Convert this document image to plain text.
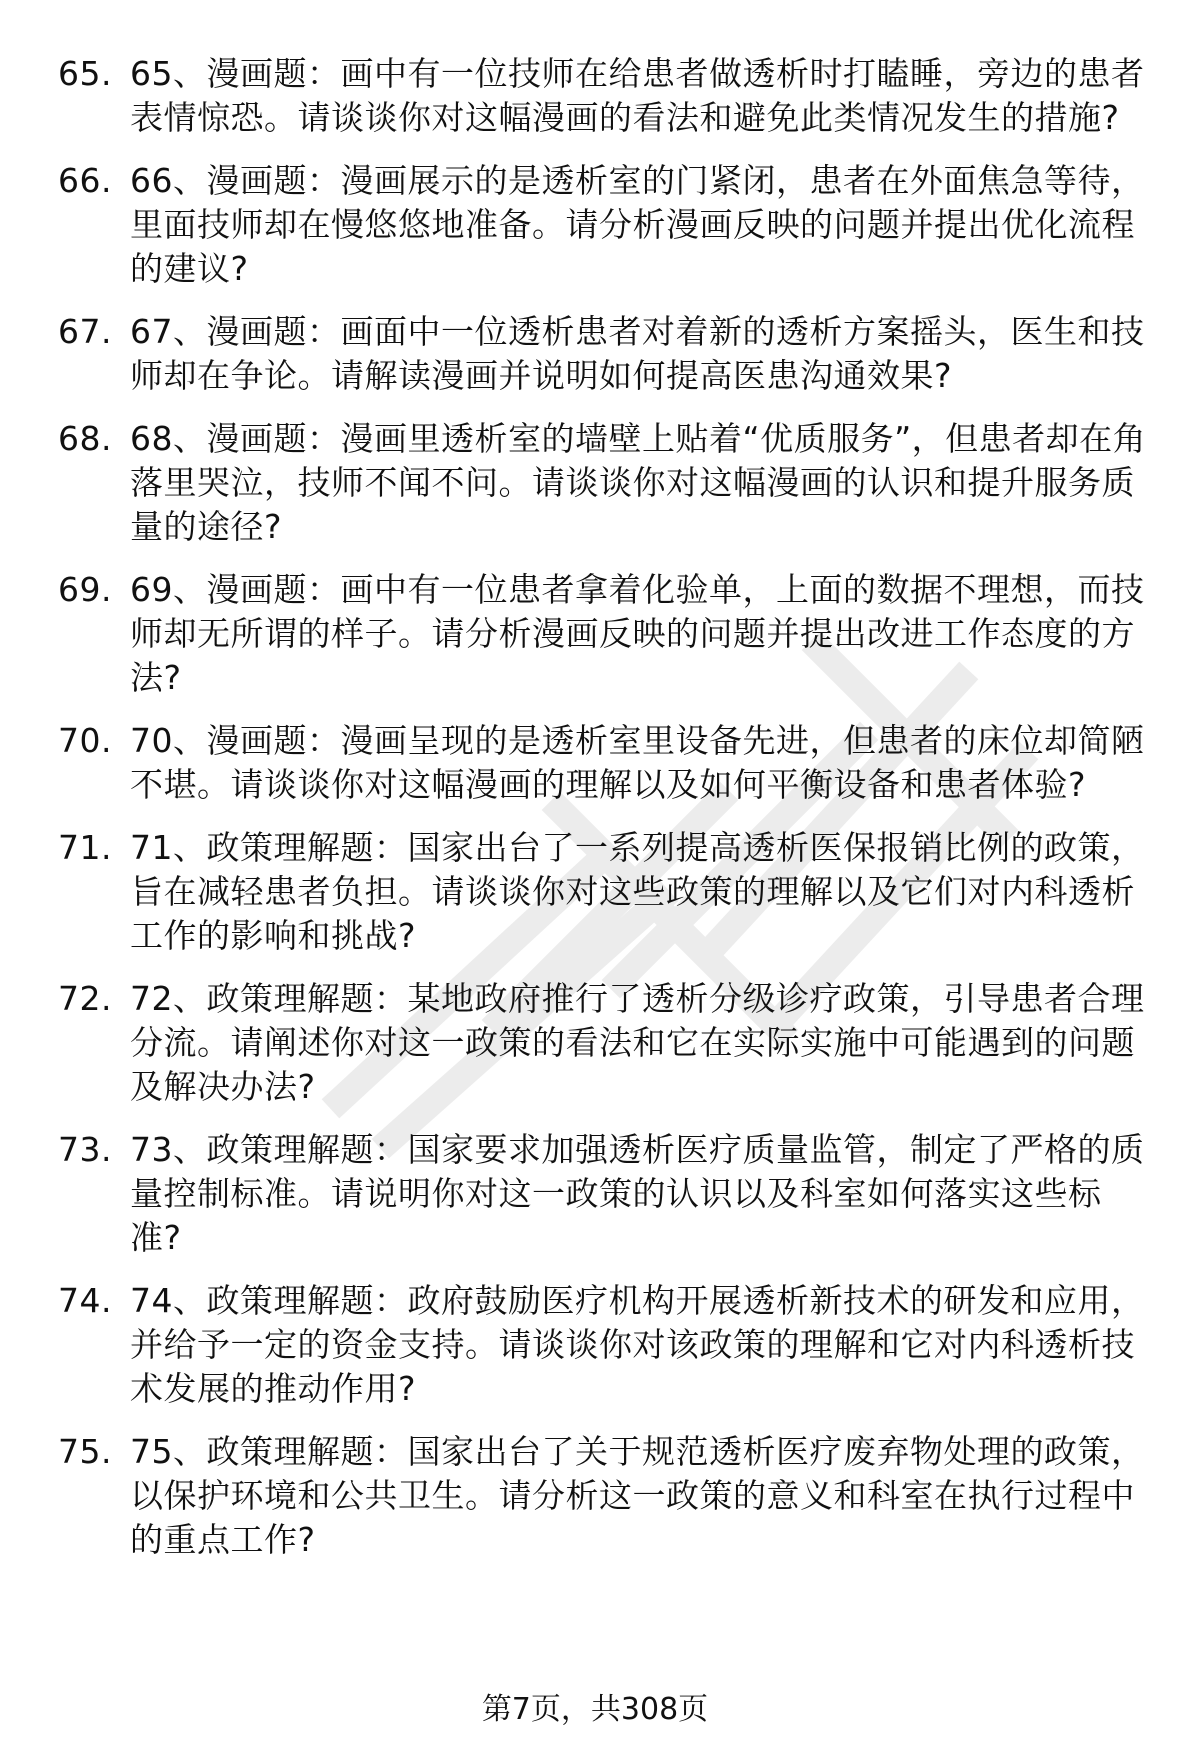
65. 65、漫画题：画中有一位技师在给患者做透析时打瞌睡，旁边的患者表情惊恐。请谈谈你对这幅漫画的看法和避免此类情况发生的措施?
66. 66、漫画题：漫画展示的是透析室的门紧闭，患者在外面焦急等待，里面技师却在慢悠悠地准备。请分析漫画反映的问题并提出优化流程的建议?
67. 67、漫画题：画面中一位透析患者对着新的透析方案摇头，医生和技师却在争论。请解读漫画并说明如何提高医患沟通效果?
68. 68、漫画题：漫画里透析室的墙壁上贴着“优质服务”，但患者却在角落里哭泣，技师不闻不问。请谈谈你对这幅漫画的认识和提升服务质量的途径?
69. 69、漫画题：画中有一位患者拿着化验单，上面的数据不理想，而技师却无所谓的样子。请分析漫画反映的问题并提出改进工作态度的方法?
70. 70、漫画题：漫画呈现的是透析室里设备先进，但患者的床位却简陋不堪。请谈谈你对这幅漫画的理解以及如何平衡设备和患者体验?
71. 71、政策理解题：国家出台了一系列提高透析医保报销比例的政策，旨在减轻患者负担。请谈谈你对这些政策的理解以及它们对内科透析工作的影响和挑战?
72. 72、政策理解题：某地政府推行了透析分级诊疗政策，引导患者合理分流。请阐述你对这一政策的看法和它在实际实施中可能遇到的问题及解决办法?
73. 73、政策理解题：国家要求加强透析医疗质量监管，制定了严格的质量控制标准。请说明你对这一政策的认识以及科室如何落实这些标准?
74. 74、政策理解题：政府鼓励医疗机构开展透析新技术的研发和应用，并给予一定的资金支持。请谈谈你对该政策的理解和它对内科透析技术发展的推动作用?
75. 75、政策理解题：国家出台了关于规范透析医疗废弃物处理的政策，以保护环境和公共卫生。请分析这一政策的意义和科室在执行过程中的重点工作?
第7页，共308页
